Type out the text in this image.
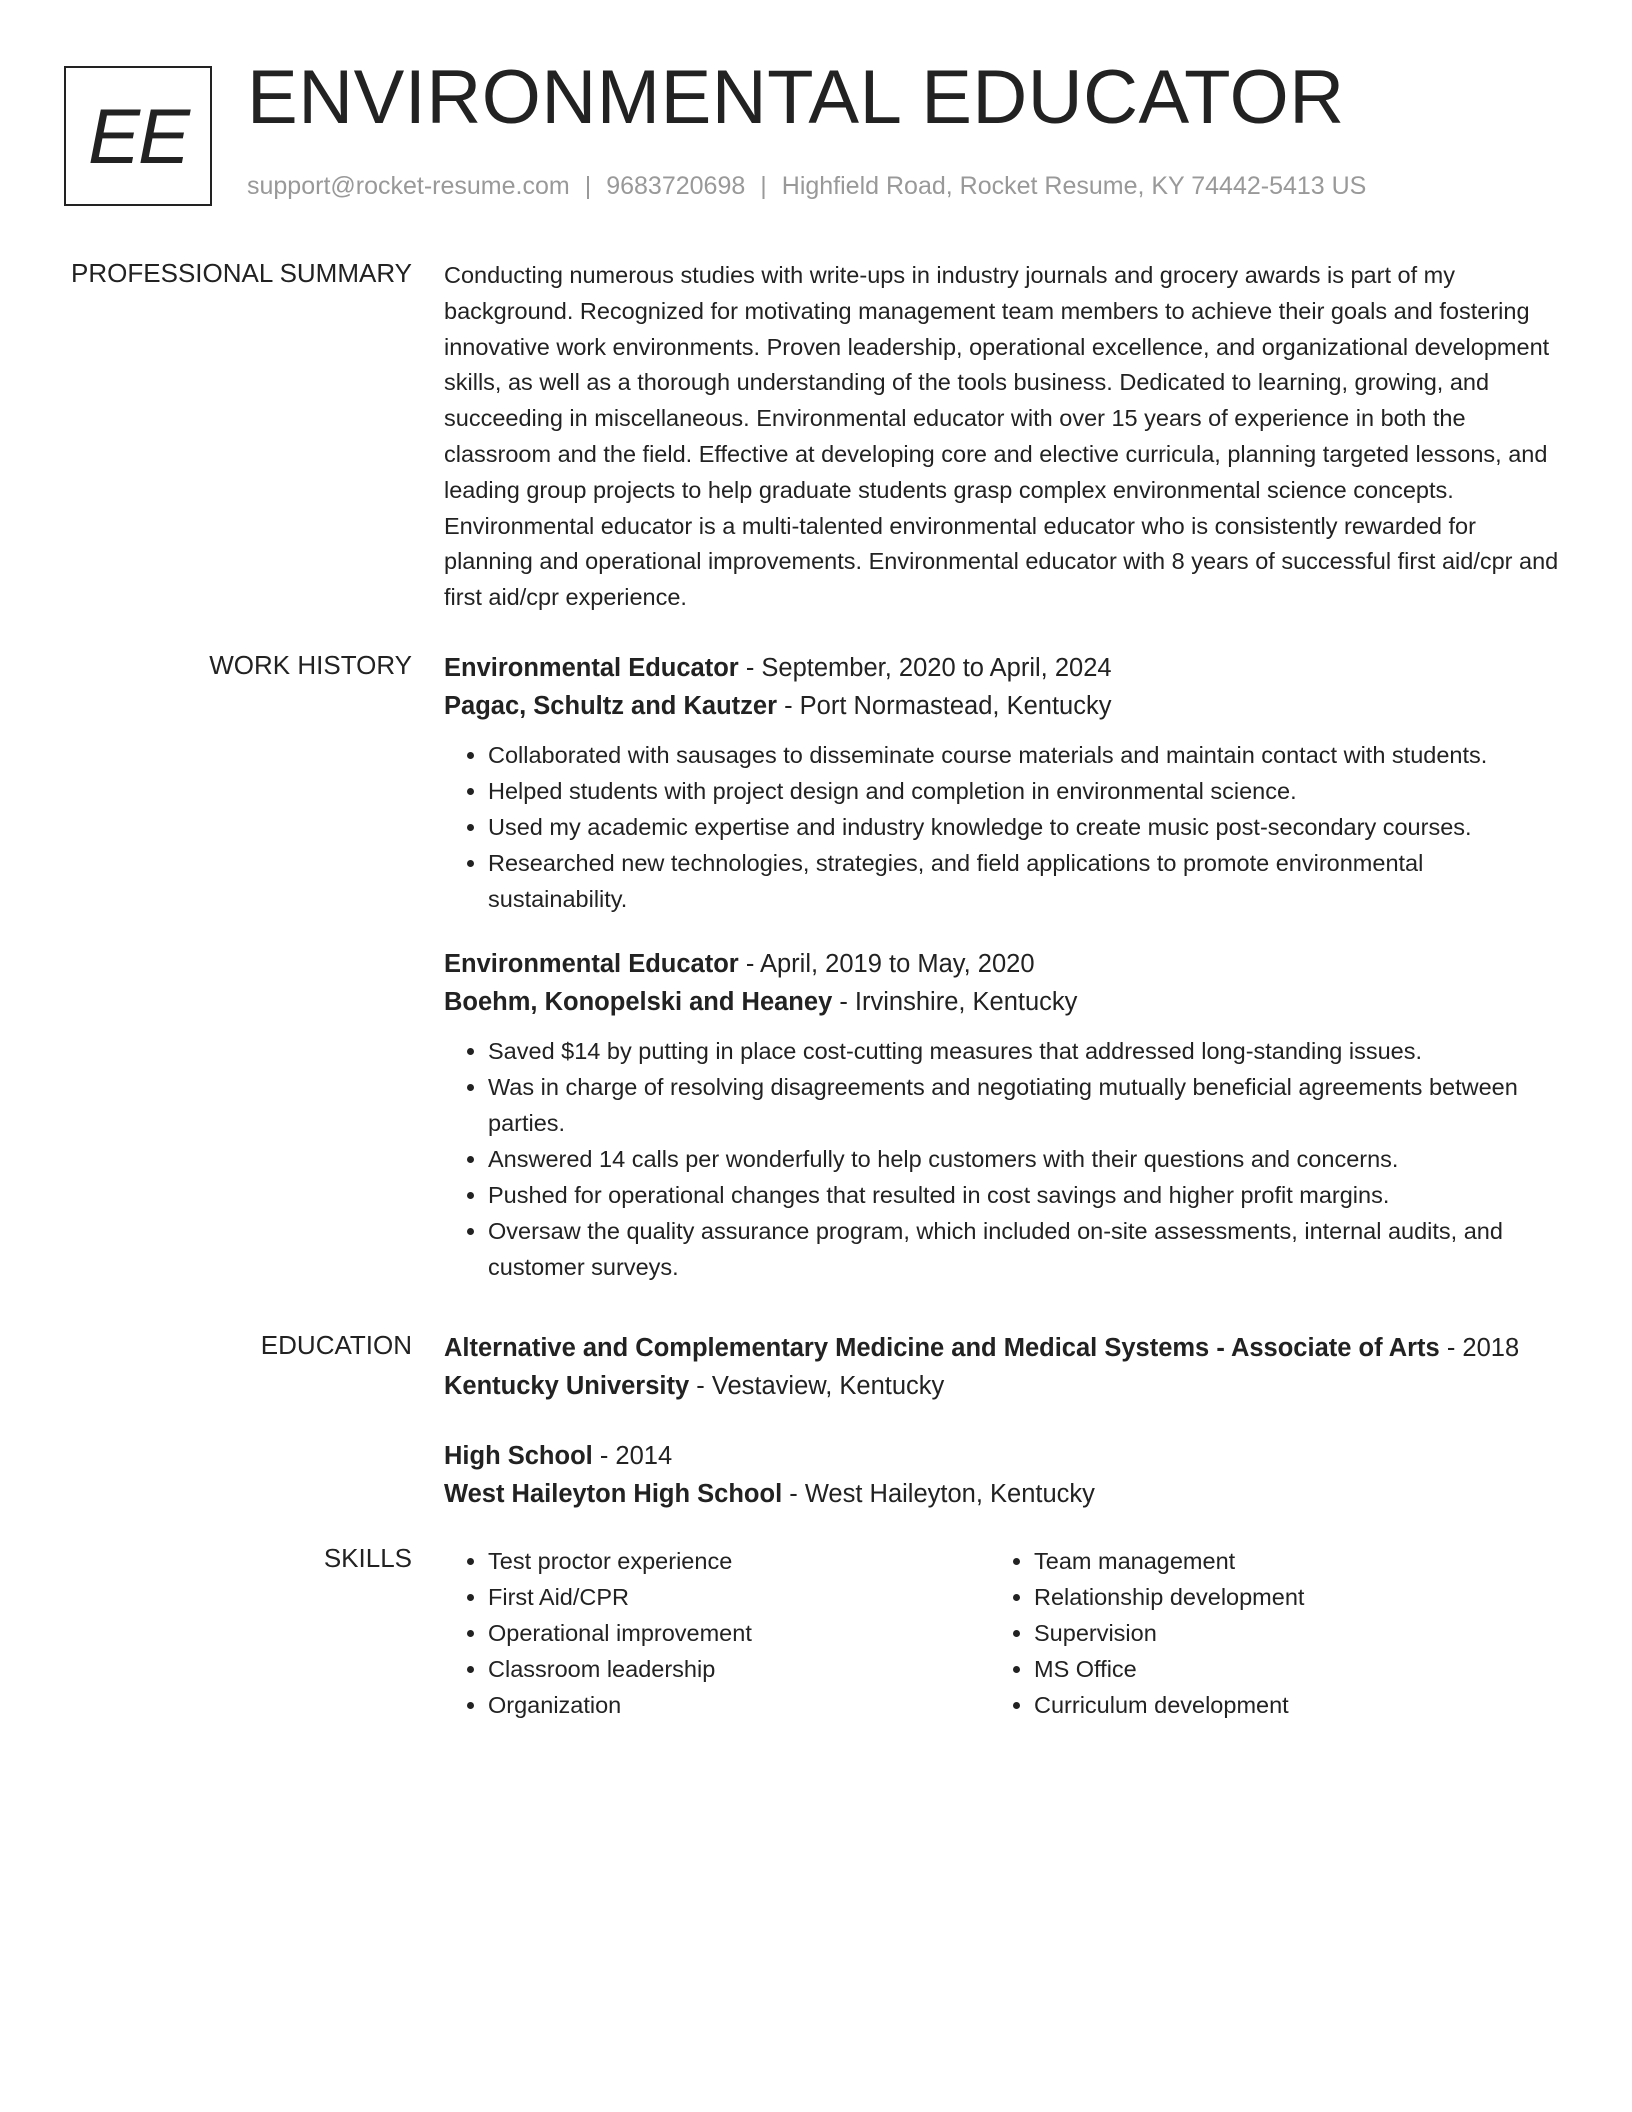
EE ENVIRONMENTAL EDUCATOR
support@rocket-resume.com | 9683720698 | Highfield Road, Rocket Resume, KY 74442-5413 US
PROFESSIONAL SUMMARY Conducting numerous studies with write-ups in industry journals and grocery awards is part of my background. Recognized for motivating management team members to achieve their goals and fostering innovative work environments. Proven leadership, operational excellence, and organizational development skills, as well as a thorough understanding of the tools business. Dedicated to learning, growing, and succeeding in miscellaneous. Environmental educator with over 15 years of experience in both the classroom and the field. Effective at developing core and elective curricula, planning targeted lessons, and leading group projects to help graduate students grasp complex environmental science concepts. Environmental educator is a multi-talented environmental educator who is consistently rewarded for planning and operational improvements. Environmental educator with 8 years of successful first aid/cpr and first aid/cpr experience.

WORK HISTORY Environmental Educator - September, 2020 to April, 2024

Pagac, Schultz and Kautzer - Port Normastead, Kentucky

• Collaborated with sausages to disseminate course materials and maintain contact with students.
• Helped students with project design and completion in environmental science.
• Used my academic expertise and industry knowledge to create music post-secondary courses.
• Researched new technologies, strategies, and field applications to promote environmental sustainability.

Environmental Educator - April, 2019 to May, 2020

Boehm, Konopelski and Heaney - Irvinshire, Kentucky

• Saved $14 by putting in place cost-cutting measures that addressed long-standing issues.
• Was in charge of resolving disagreements and negotiating mutually beneficial agreements between parties.
• Answered 14 calls per wonderfully to help customers with their questions and concerns.
• Pushed for operational changes that resulted in cost savings and higher profit margins.
• Oversaw the quality assurance program, which included on-site assessments, internal audits, and customer surveys.
EDUCATION Alternative and Complementary Medicine and Medical Systems - Associate of Arts - 2018

Kentucky University - Vestaview, Kentucky

High School - 2014

West Haileyton High School - West Haileyton, Kentucky

SKILLS
•	Test proctor experience
• First Aid/CPR
• Operational improvement
• Classroom leadership
• Organization
• Team management
• Relationship development
• Supervision
• MS Office
• Curriculum development
